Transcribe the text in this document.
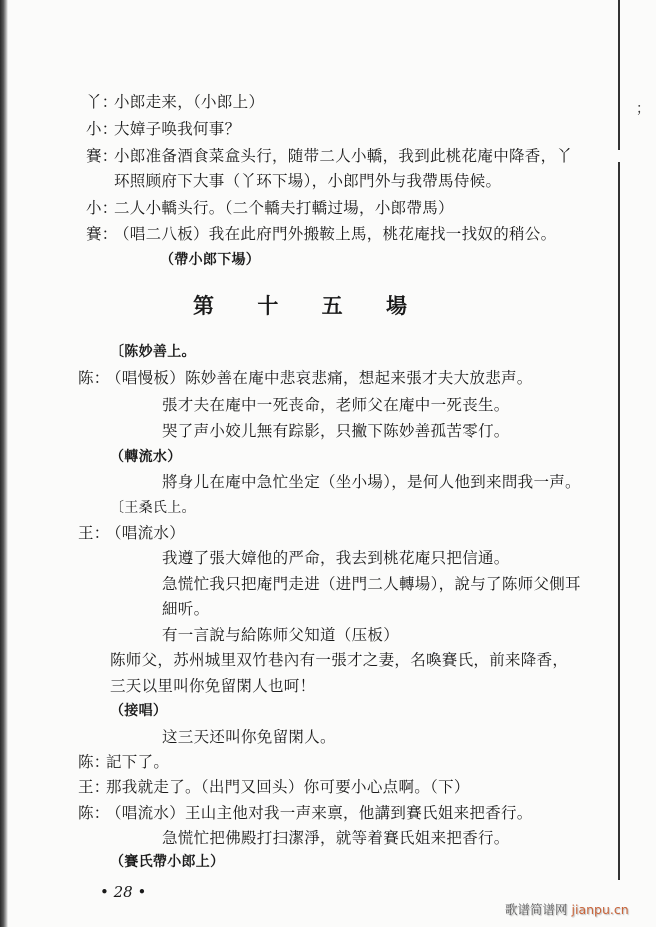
；
丫：小郎走来，（小郎上）
小：大嫜子唤我何事？
賽：小郎准备酒食菜盒头行，随带二人小轎，我到此桃花庵中降香，丫
环照顾府下大事（丫环下場），小郎門外与我帶馬侍候。
小：二人小轎头行。（二个轎夫打轎过場，小郎帶馬）
賽：（唱二八板）我在此府門外搬鞍上馬，桃花庵找一找奴的稍公。
（帶小郎下場）
第 十 五 場
〔陈妙善上。
陈：（唱慢板）陈妙善在庵中悲哀悲痛，想起来張才夫大放悲声。
張才夫在庵中一死丧命，老师父在庵中一死丧生。
哭了声小姣儿無有踪影，只撇下陈妙善孤苦零仃。
（轉流水）
將身儿在庵中急忙坐定（坐小場），是何人他到来問我一声。
〔王桑氏上。
王：（唱流水）
我遵了張大嫜他的严命，我去到桃花庵只把信通。
急慌忙我只把庵門走进（进門二人轉場），說与了陈师父側耳
細听。
有一言說与給陈师父知道（压板）
陈师父，苏州城里双竹巷內有一張才之妻，名喚賽氏，前来降香，
三天以里叫你免留閑人也呵！
（接唱）
这三天还叫你免留閑人。
陈：記下了。
王：那我就走了。（出門又回头）你可要小心点啊。（下）
陈：（唱流水）王山主他对我一声来禀，他講到賽氏姐来把香行。
急慌忙把佛殿打扫潔淨，就等着賽氏姐来把香行。
（賽氏帶小郎上）
• 28 •
歌谱简谱网 jianpu.cn
